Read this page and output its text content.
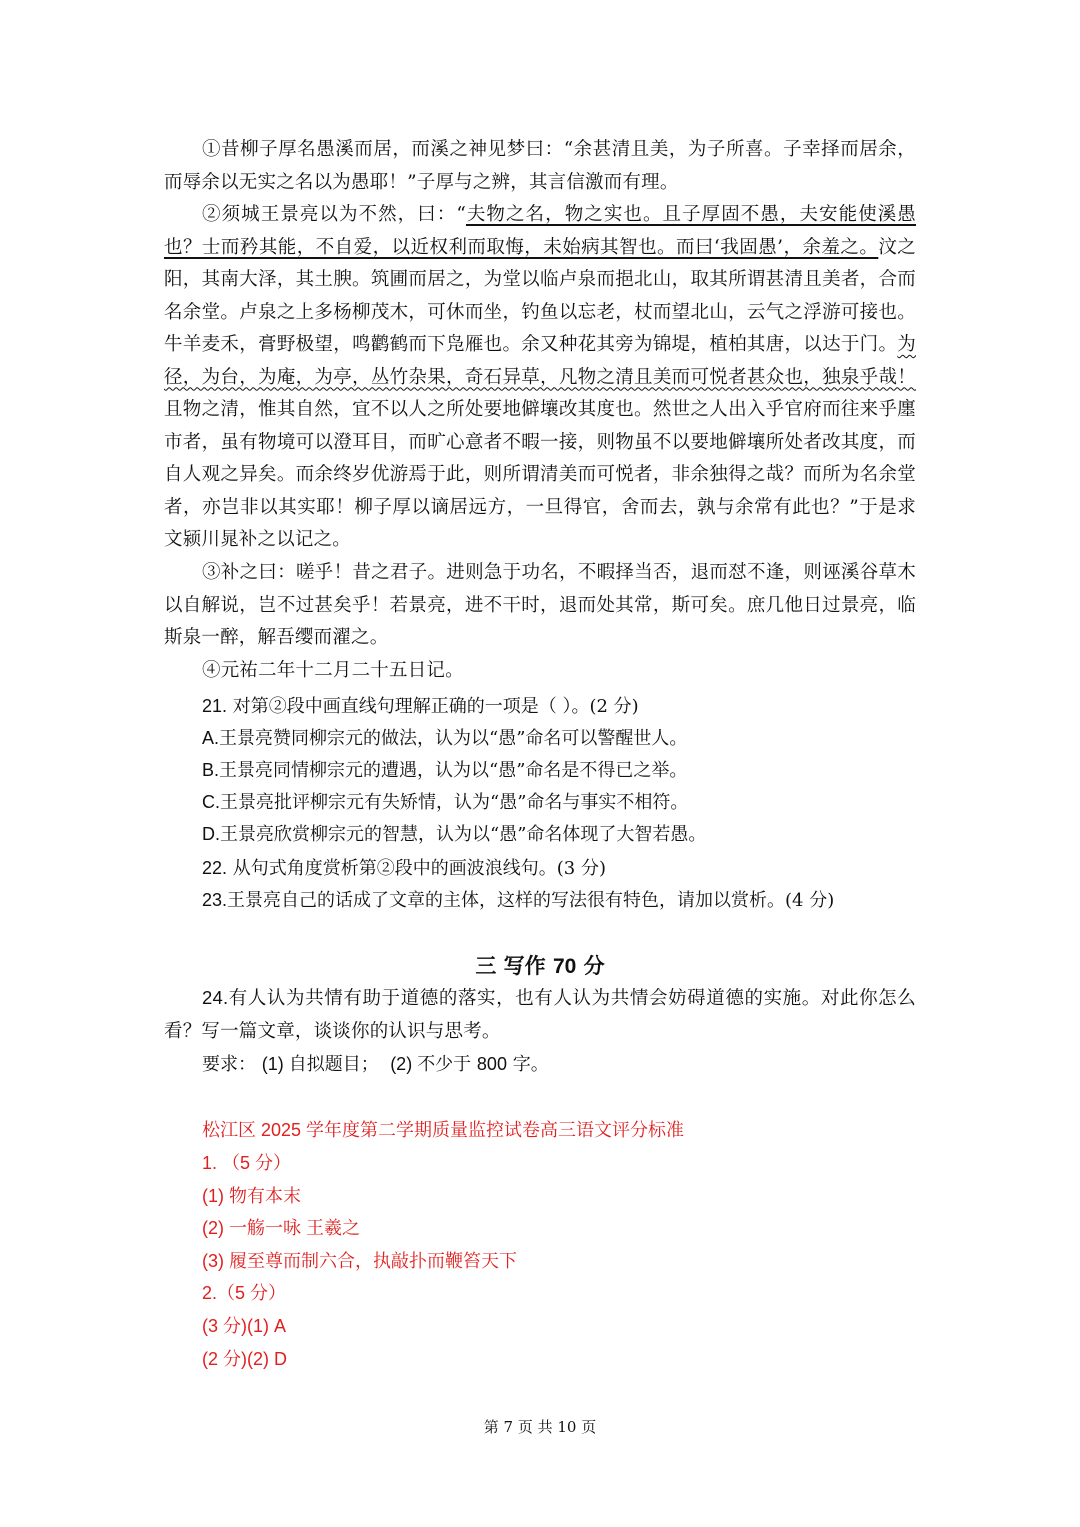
①昔柳子厚名愚溪而居，而溪之神见梦曰：“余甚清且美，为子所喜。子幸择而居余，而辱余以无实之名以为愚耶！”子厚与之辨，其言信激而有理。

②须城王景亮以为不然，曰：“夫物之名，物之实也。且子厚固不愚，夫安能使溪愚也？士而矜其能，不自爱，以近权利而取悔，未始病其智也。而曰‘我固愚’，余羞之。汶之阳，其南大泽，其土腴。筑圃而居之，为堂以临卢泉而挹北山，取其所谓甚清且美者，合而名余堂。卢泉之上多杨柳茂木，可休而坐，钓鱼以忘老，杖而望北山，云气之浮游可接也。牛羊麦禾，膏野极望，鸣鹳鹤而下凫雁也。余又种花其旁为锦堤，植柏其唐，以达于门。为径，为台，为庵，为亭，丛竹杂果，奇石异草，凡物之清且美而可悦者甚众也，独泉乎哉！且物之清，惟其自然，宜不以人之所处要地僻壤改其度也。然世之人出入乎官府而往来乎廛市者，虽有物境可以澄耳目，而旷心意者不暇一接，则物虽不以要地僻壤所处者改其度，而自人观之异矣。而余终岁优游焉于此，则所谓清美而可悦者，非余独得之哉？而所为名余堂者，亦岂非以其实耶！柳子厚以谪居远方，一旦得官，舍而去，孰与余常有此也？”于是求文颍川晁补之以记之。

③补之曰：嗟乎！昔之君子。进则急于功名，不暇择当否，退而怼不逢，则诬溪谷草木以自解说，岂不过甚矣乎！若景亮，进不干时，退而处其常，斯可矣。庶几他日过景亮，临斯泉一醉，解吾缨而濯之。

④元祐二年十二月二十五日记。

21. 对第②段中画直线句理解正确的一项是（ ）。(2 分)

A.王景亮赞同柳宗元的做法，认为以“愚”命名可以警醒世人。

B.王景亮同情柳宗元的遭遇，认为以“愚”命名是不得已之举。

C.王景亮批评柳宗元有失矫情，认为“愚”命名与事实不相符。

D.王景亮欣赏柳宗元的智慧，认为以“愚”命名体现了大智若愚。

22. 从句式角度赏析第②段中的画波浪线句。(3 分)

23.王景亮自己的话成了文章的主体，这样的写法很有特色，请加以赏析。(4 分)

三 写作 70 分

24.有人认为共情有助于道德的落实，也有人认为共情会妨碍道德的实施。对此你怎么看？写一篇文章，谈谈你的认识与思考。

要求： (1) 自拟题目； (2) 不少于 800 字。

松江区 2025 学年度第二学期质量监控试卷高三语文评分标准

1. （5 分）

(1) 物有本末

(2) 一觞一咏 王羲之

(3) 履至尊而制六合，执敲扑而鞭笞天下

2.（5 分）

(3 分)(1) A

(2 分)(2) D

第 7 页 共 10 页
